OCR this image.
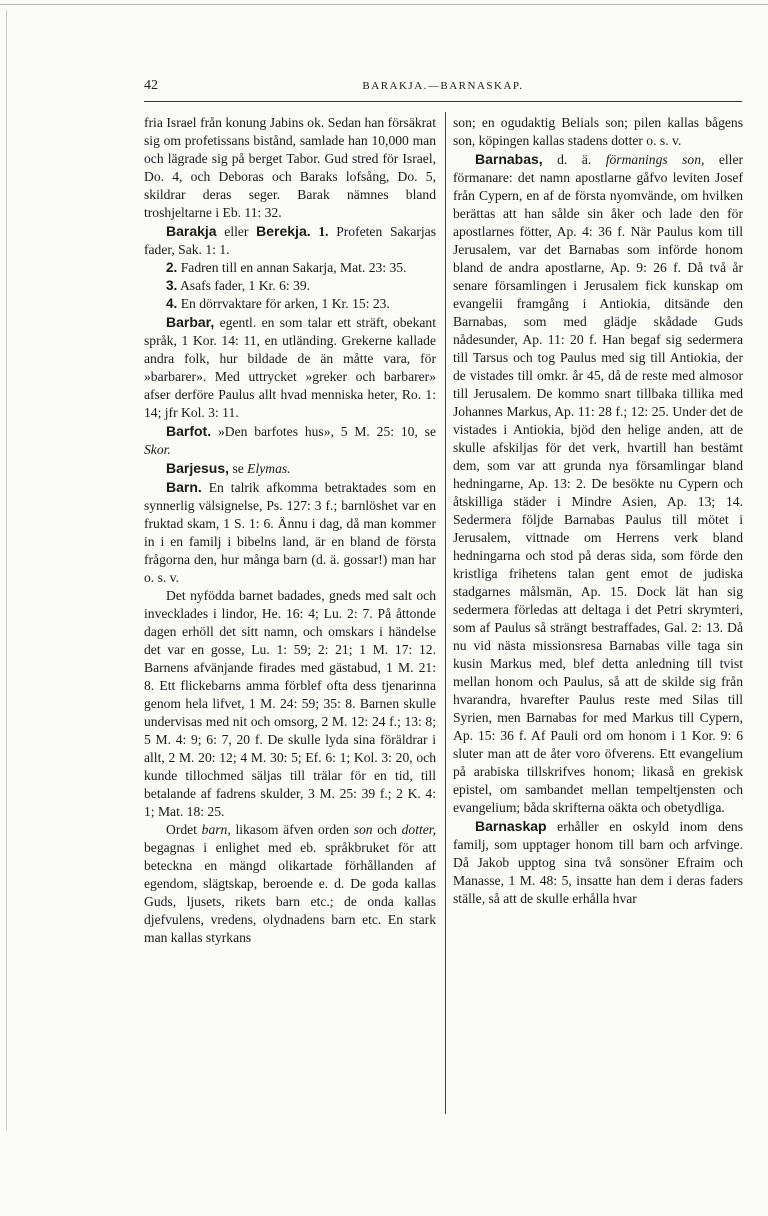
42	BARAKJA.—BARNASKAP.

fria Israel från konung Jabins ok. Sedan han försäkrat sig om profetissans bistånd, samlade han 10,000 man och lägrade sig på berget Tabor. Gud stred för Israel, Do. 4, och Deboras och Baraks lofsång, Do. 5, skildrar deras seger. Barak nämnes bland troshjeltarne i Eb. 11: 32.

Barakja eller Berekja. 1. Profeten Sakarjas fader, Sak. 1: 1.

2. Fadren till en annan Sakarja, Mat. 23: 35.

3. Asafs fader, 1 Kr. 6: 39.

4. En dörrvaktare för arken, 1 Kr. 15: 23.

Barbar, egentl. en som talar ett sträft, obekant språk, 1 Kor. 14: 11, en utländing. Grekerne kallade andra folk, hur bildade de än måtte vara, för »barbarer». Med uttrycket »greker och barbarer» afser derföre Paulus allt hvad menniska heter, Ro. 1: 14; jfr Kol. 3: 11.

Barfot. »Den barfotes hus», 5 M. 25: 10, se Skor.

Barjesus, se Elymas.

Barn. En talrik afkomma betraktades som en synnerlig välsignelse, Ps. 127: 3 f.; barnlöshet var en fruktad skam, 1 S. 1: 6. Ännu i dag, då man kommer in i en familj i bibelns land, är en bland de första frågorna den, hur många barn (d. ä. gossar!) man har o. s. v.

Det nyfödda barnet badades, gneds med salt och invecklades i lindor, He. 16: 4; Lu. 2: 7. På åttonde dagen erhöll det sitt namn, och omskars i händelse det var en gosse, Lu. 1: 59; 2: 21; 1 M. 17: 12. Barnens afvänjande firades med gästabud, 1 M. 21: 8. Ett flickebarns amma förblef ofta dess tjenarinna genom hela lifvet, 1 M. 24: 59; 35: 8. Barnen skulle undervisas med nit och omsorg, 2 M. 12: 24 f.; 13: 8; 5 M. 4: 9; 6: 7, 20 f. De skulle lyda sina föräldrar i allt, 2 M. 20: 12; 4 M. 30: 5; Ef. 6: 1; Kol. 3: 20, och kunde tillochmed säljas till trälar för en tid, till betalande af fadrens skulder, 3 M. 25: 39 f.; 2 K. 4: 1; Mat. 18: 25.

Ordet barn, likasom äfven orden son och dotter, begagnas i enlighet med eb. språkbruket för att beteckna en mängd olikartade förhållanden af egendom, slägtskap, beroende e. d. De goda kallas Guds, ljusets, rikets barn etc.; de onda kallas djefvulens, vredens, olydnadens barn etc. En stark man kallas styrkans

son; en ogudaktig Belials son; pilen kallas bågens son, köpingen kallas stadens dotter o. s. v.

Barnabas, d. ä. förmanings son, eller förmanare: det namn apostlarne gåfvo leviten Josef från Cypern, en af de första nyomvände, om hvilken berättas att han sålde sin åker och lade den för apostlarnes fötter, Ap. 4: 36 f. När Paulus kom till Jerusalem, var det Barnabas som införde honom bland de andra apostlarne, Ap. 9: 26 f. Då två år senare församlingen i Jerusalem fick kunskap om evangelii framgång i Antiokia, ditsände den Barnabas, som med glädje skådade Guds nådesunder, Ap. 11: 20 f. Han begaf sig sedermera till Tarsus och tog Paulus med sig till Antiokia, der de vistades till omkr. år 45, då de reste med almosor till Jerusalem. De kommo snart tillbaka tillika med Johannes Markus, Ap. 11: 28 f.; 12: 25. Under det de vistades i Antiokia, bjöd den helige anden, att de skulle afskiljas för det verk, hvartill han bestämt dem, som var att grunda nya församlingar bland hedningarne, Ap. 13: 2. De besökte nu Cypern och åtskilliga städer i Mindre Asien, Ap. 13; 14. Sedermera följde Barnabas Paulus till mötet i Jerusalem, vittnade om Herrens verk bland hedningarna och stod på deras sida, som förde den kristliga frihetens talan gent emot de judiska stadgarnes målsmän, Ap. 15. Dock lät han sig sedermera förledas att deltaga i det Petri skrymteri, som af Paulus så strängt bestraffades, Gal. 2: 13. Då nu vid nästa missionsresa Barnabas ville taga sin kusin Markus med, blef detta anledning till tvist mellan honom och Paulus, så att de skilde sig från hvarandra, hvarefter Paulus reste med Silas till Syrien, men Barnabas for med Markus till Cypern, Ap. 15: 36 f. Af Pauli ord om honom i 1 Kor. 9: 6 sluter man att de åter voro öfverens. Ett evangelium på arabiska tillskrifves honom; likaså en grekisk epistel, om sambandet mellan tempeltjensten och evangelium; båda skrifterna oäkta och obetydliga.

Barnaskap erhåller en oskyld inom dens familj, som upptager honom till barn och arfvinge. Då Jakob upptog sina två sonsöner Efraim och Manasse, 1 M. 48: 5, insatte han dem i deras faders ställe, så att de skulle erhålla hvar
